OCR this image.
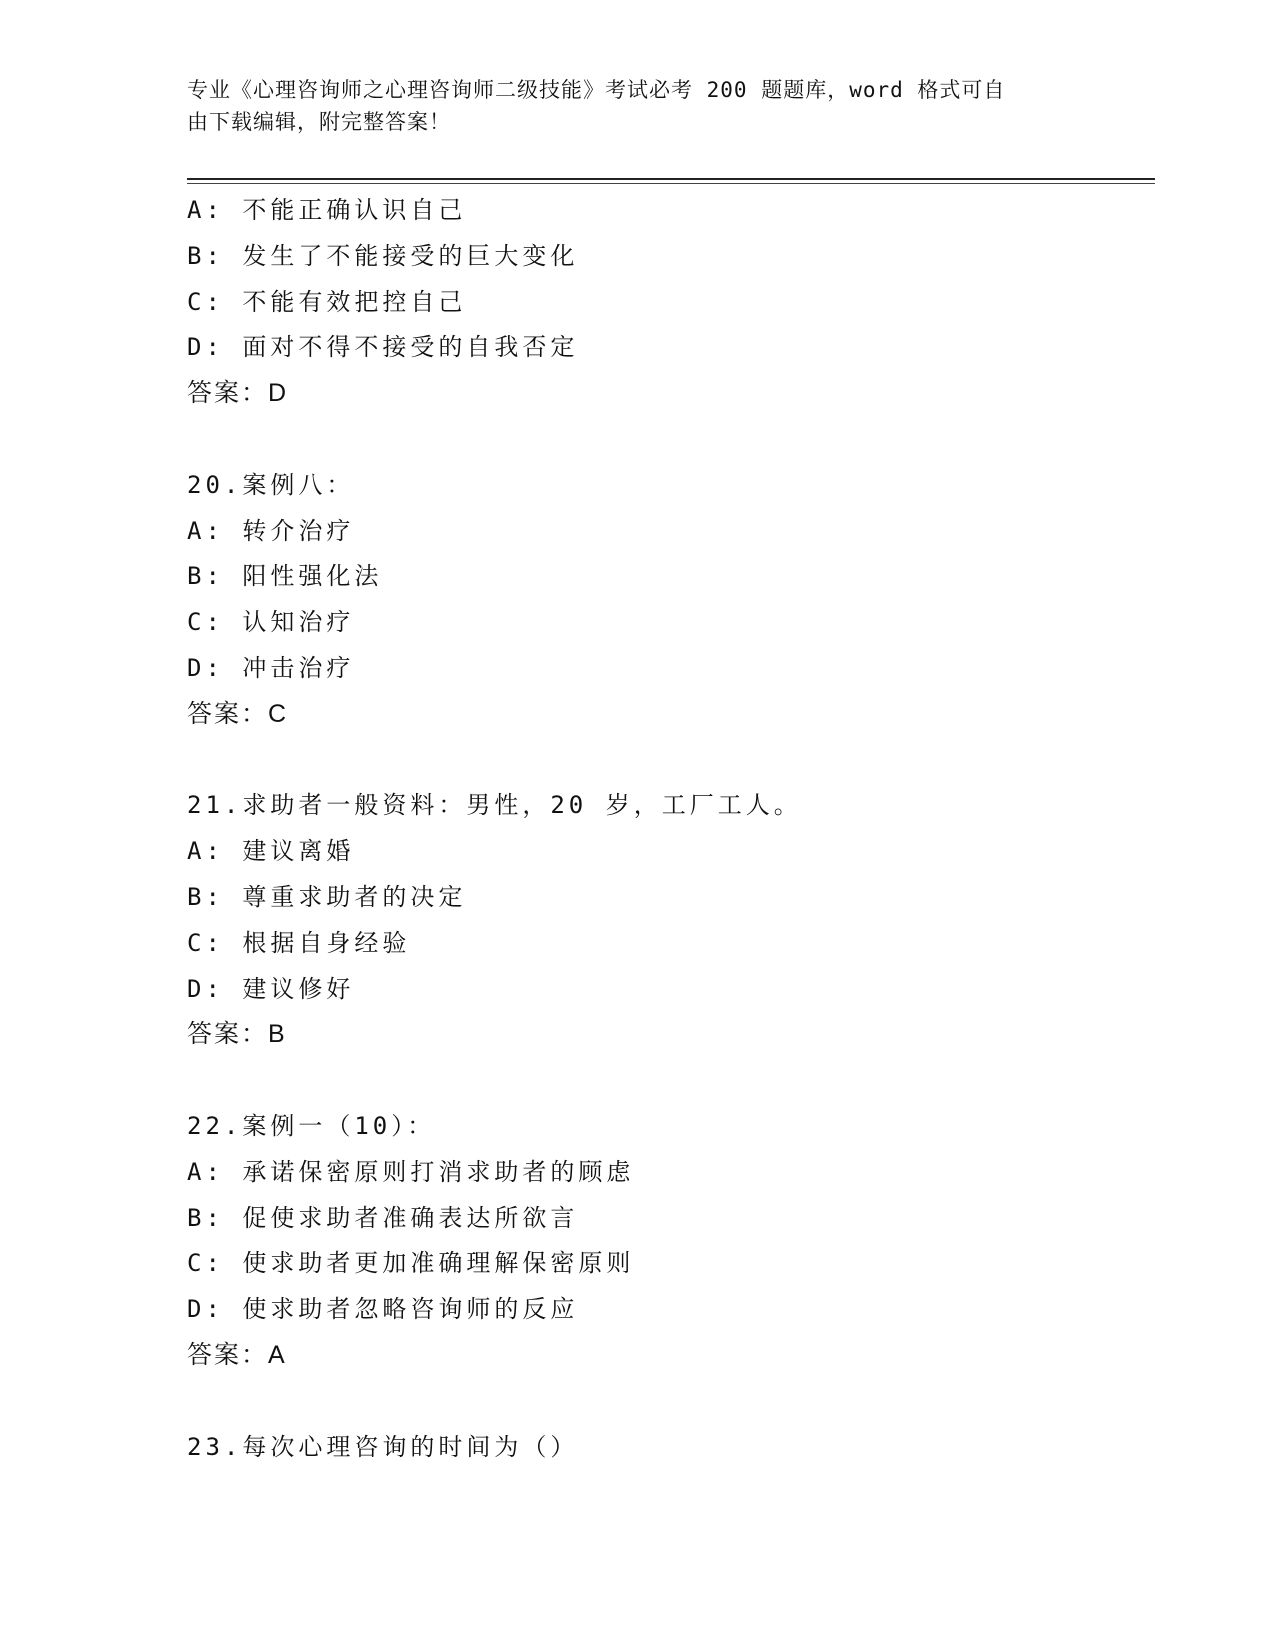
专业《心理咨询师之心理咨询师二级技能》考试必考 200 题题库，word 格式可自
由下载编辑，附完整答案！
A: 不能正确认识自己
B: 发生了不能接受的巨大变化
C: 不能有效把控自己
D: 面对不得不接受的自我否定
答案：D
20.案例八：
A: 转介治疗
B: 阳性强化法
C: 认知治疗
D: 冲击治疗
答案：C
21.求助者一般资料：男性，20 岁，工厂工人。
A: 建议离婚
B: 尊重求助者的决定
C: 根据自身经验
D: 建议修好
答案：B
22.案例一（10）：
A: 承诺保密原则打消求助者的顾虑
B: 促使求助者准确表达所欲言
C: 使求助者更加准确理解保密原则
D: 使求助者忽略咨询师的反应
答案：A
23.每次心理咨询的时间为（）
